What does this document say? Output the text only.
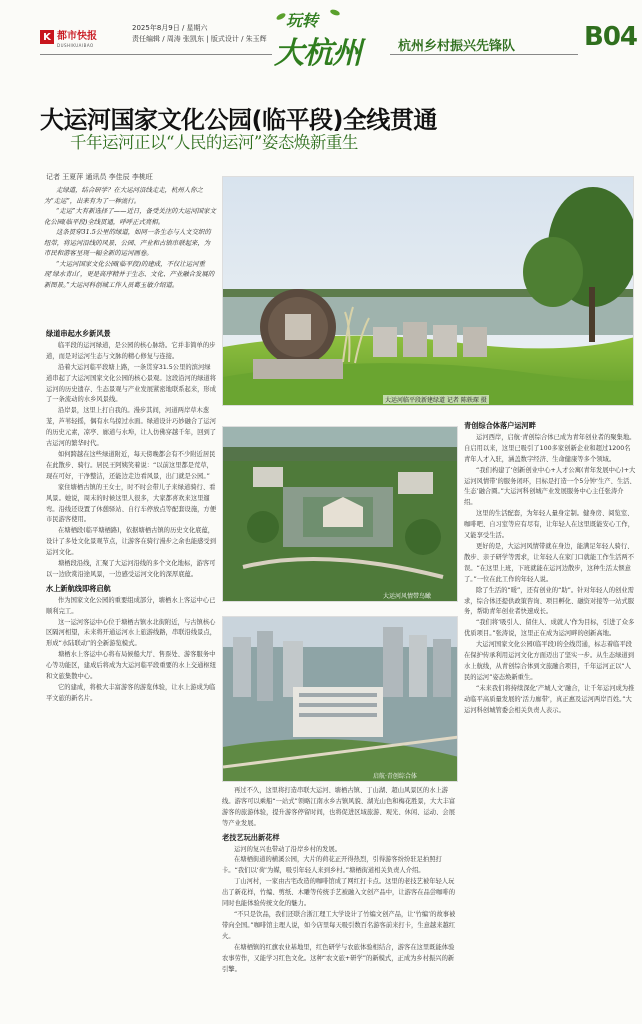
K 都市快报
DUSHIKUAIBAO
2025年8月9日 / 星期六
责任编辑 / 周涛 张凯东 | 版式设计 / 朱玉辉
玩转
大杭州	杭州乡村振兴先锋队	B04
大运河国家文化公园(临平段)全线贯通
千年运河正以“人民的运河”姿态焕新重生
记者 王夏萍 通讯员 李佳辰 李桃旺

走绿道，结合研学？在大运河沿线走走，杭州人你之为“走运”，出来有为了一种流行。

“走运”大有新选择了——近日，备受关注的大运河国家文化公园(临平段)全线贯通，呼呼正式亮相。

这条贯穿31.5公里的绿道，如同一条生态与人文交织的纽带，将运河沿线的风景、公园、产业和古镇串联起来，为市民和游客呈现一幅全新的运河画卷。

“大运河国家文化公园(临平段)的建成，不仅让运河重现‘绿水青山’，更是高序精并于生态、文化、产业融合发展的新图景。”大运河科创城工作人员葛玉敏介绍道。

大运河临平段新建绿道 记者 陈轶琛 摄
大运河风情带鸟瞰
启航·青创综合体
绿道串起水乡新风景

临平段的运河绿道，是公园的核心脉络。它并非简单的步道，而是对运河生态与文脉的精心修复与连接。

沿着大运河临平段塘上路，一条贯穿31.5公里的滨河绿道串起了大运河国家文化公园的核心景观。这段沿河的绿道将运河的历史遗存、生态景观与产业发展紧密地联系起来，形成了一条流动的水乡风景线。

沿岸景，这里上打自我的。漫步其间，河道两岸草木葱茏，芦苇轻摇，偶有水鸟掠过水面。绿道设计巧妙融合了运河的历史元素，凉亭、廊道与水埠，让人仿佛穿越千年，回到了古运河的繁华时代。

如何跨越在这些绿道附近，每天傍晚都会有不少附近居民在此散步、骑行。居民王阿姨笑着说：“以前这里都是荒草，现在可好，干净整洁，还能边走边看风景，出门就是公园。”

家住塘栖古镇的王女士，时不时会带儿子来绿道骑行、看风景。她说，周末的时候这里人很多，大家都喜欢来这里遛弯。沿线还设置了休憩驿站、自行车停放点等配套设施，方便市民游客使用。

在塘栖段(临平塘栖路)，依据塘栖古镇的历史文化底蕴，设计了多处文化景观节点，让游客在骑行漫步之余也能感受到运河文化。

塘栖段沿线，汇聚了大运河沿线的多个文化地标，游客可以一边欣赏沿途风景，一边感受运河文化的深厚底蕴。

水上新航线即将启航

作为国家文化公园的重要组成部分，塘栖水上客运中心已顺利完工。

这一运河客运中心位于塘栖古镇水北街附近，与古镇核心区隔河相望，未来将开通运河水上旅游线路，串联沿线景点，形成“水陆联动”的全新游览模式。

塘栖水上客运中心将布局候船大厅、售票处、游客服务中心等功能区，建成后将成为大运河临平段重要的水上交通枢纽和文旅集散中心。

它的建成，将极大丰富游客的游览体验，让水上游成为临平文旅的新名片。

青创综合体落户运河畔

运河西岸，启航·青创综合体已成为青年创业者的聚集地。自启用以来，这里已吸引了100多家创新企业和超过1200名青年人才入驻，涵盖数字经济、生命健康等多个领域。

“我们构建了‘创新创业中心+人才公寓(青年发展中心)+大运河风情带’的服务闭环，目标是打造一个5分钟‘生产、生活、生态’融合圈。”大运河科创城产业发展服务中心主任张涛介绍。

这里的生活配套，为年轻人量身定制。健身房、阅览室、咖啡吧、自习室等应有尽有，让年轻人在这里既能安心工作，又能享受生活。

更好的是，大运河风情带就在身边，能满足年轻人骑行、散步、亲子研学等需求，让年轻人在家门口就能工作生活两不误。“在这里上班，下班就能在运河边散步，这种生活太惬意了。”一位在此工作的年轻人说。

除了生活的“暖”，还有创业的“助”。针对年轻人的创业需求，综合体还提供政策咨询、项目孵化、融资对接等一站式服务，帮助青年创业者快速成长。

“我们将‘吸引人、留住人、成就人’作为目标，引进了众多优质项目。”张涛说，这里正在成为运河畔的创新高地。

大运河国家文化公园(临平段)的全线贯通，标志着临平段在保护传承利用运河文化方面迈出了坚实一步。从生态绿道到水上航线，从青创综合体到文旅融合项目，千年运河正以“人民的运河”姿态焕新重生。

“未来我们将持续深化‘产城人文’融合，让千年运河成为推动临平高质量发展的‘活力廊带’，真正惠及运河两岸百姓。”大运河科创城管委会相关负责人表示。

再过不久，这里将打造串联大运河、塘栖古镇、丁山湖、超山风景区的水上游线。游客可以乘船“一站式”领略江南水乡古镇风貌、湖光山色和梅花胜景，大大丰富游客的旅游体验，提升游客停留时间，也将促进区域旅游、观光、休闲、运动、会展等产业发展。

老技艺玩出新花样

运河的复兴也带动了沿岸乡村的发展。

在塘栖街道的横溪公园，大片的荷花正开得热烈，引得游客纷纷驻足拍照打卡。“我们以‘荷’为媒，吸引年轻人来到乡村。”塘栖街道相关负责人介绍。

丁山河村，一家由古宅改造的咖啡馆成了网红打卡点。这里的老技艺被年轻人玩出了新花样，竹编、剪纸、木雕等传统手艺被融入文创产品中，让游客在品尝咖啡的同时也能体验传统文化的魅力。

“不只是饮品，我们还联合浙江理工大学设计了竹编文创产品，让‘竹编’的故事被带向全国。”咖啡馆主理人说，如今店里每天吸引数百名游客前来打卡，生意越来越红火。

在塘栖镇的红旗农业基地里，红色研学与农旅体验相结合，游客在这里既能体验农事劳作，又能学习红色文化。这种“农文旅+研学”的新模式，正成为乡村振兴的新引擎。
